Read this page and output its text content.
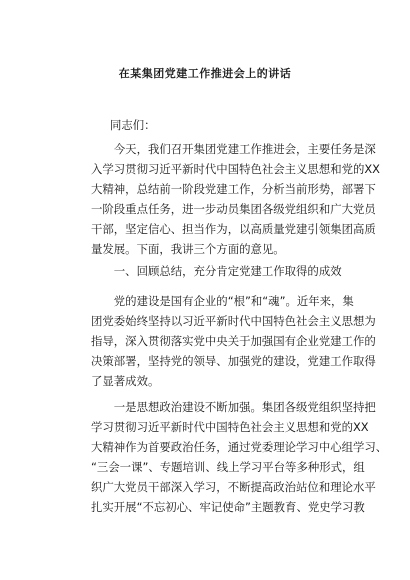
在某集团党建工作推进会上的讲话
同志们：
　　今天，我们召开集团党建工作推进会，主要任务是深
入学习贯彻习近平新时代中国特色社会主义思想和党的XX
大精神，总结前一阶段党建工作，分析当前形势，部署下
一阶段重点任务，进一步动员集团各级党组织和广大党员
干部，坚定信心、担当作为，以高质量党建引领集团高质
量发展。下面，我讲三个方面的意见。
　　一、回顾总结，充分肯定党建工作取得的成效
　　党的建设是国有企业的“根”和“魂”。近年来，集
团党委始终坚持以习近平新时代中国特色社会主义思想为
指导，深入贯彻落实党中央关于加强国有企业党建工作的
决策部署，坚持党的领导、加强党的建设，党建工作取得
了显著成效。
　　一是思想政治建设不断加强。集团各级党组织坚持把
学习贯彻习近平新时代中国特色社会主义思想和党的XX
大精神作为首要政治任务，通过党委理论学习中心组学习、
“三会一课”、专题培训、线上学习平台等多种形式，组
织广大党员干部深入学习，不断提高政治站位和理论水平
扎实开展“不忘初心、牢记使命”主题教育、党史学习教
